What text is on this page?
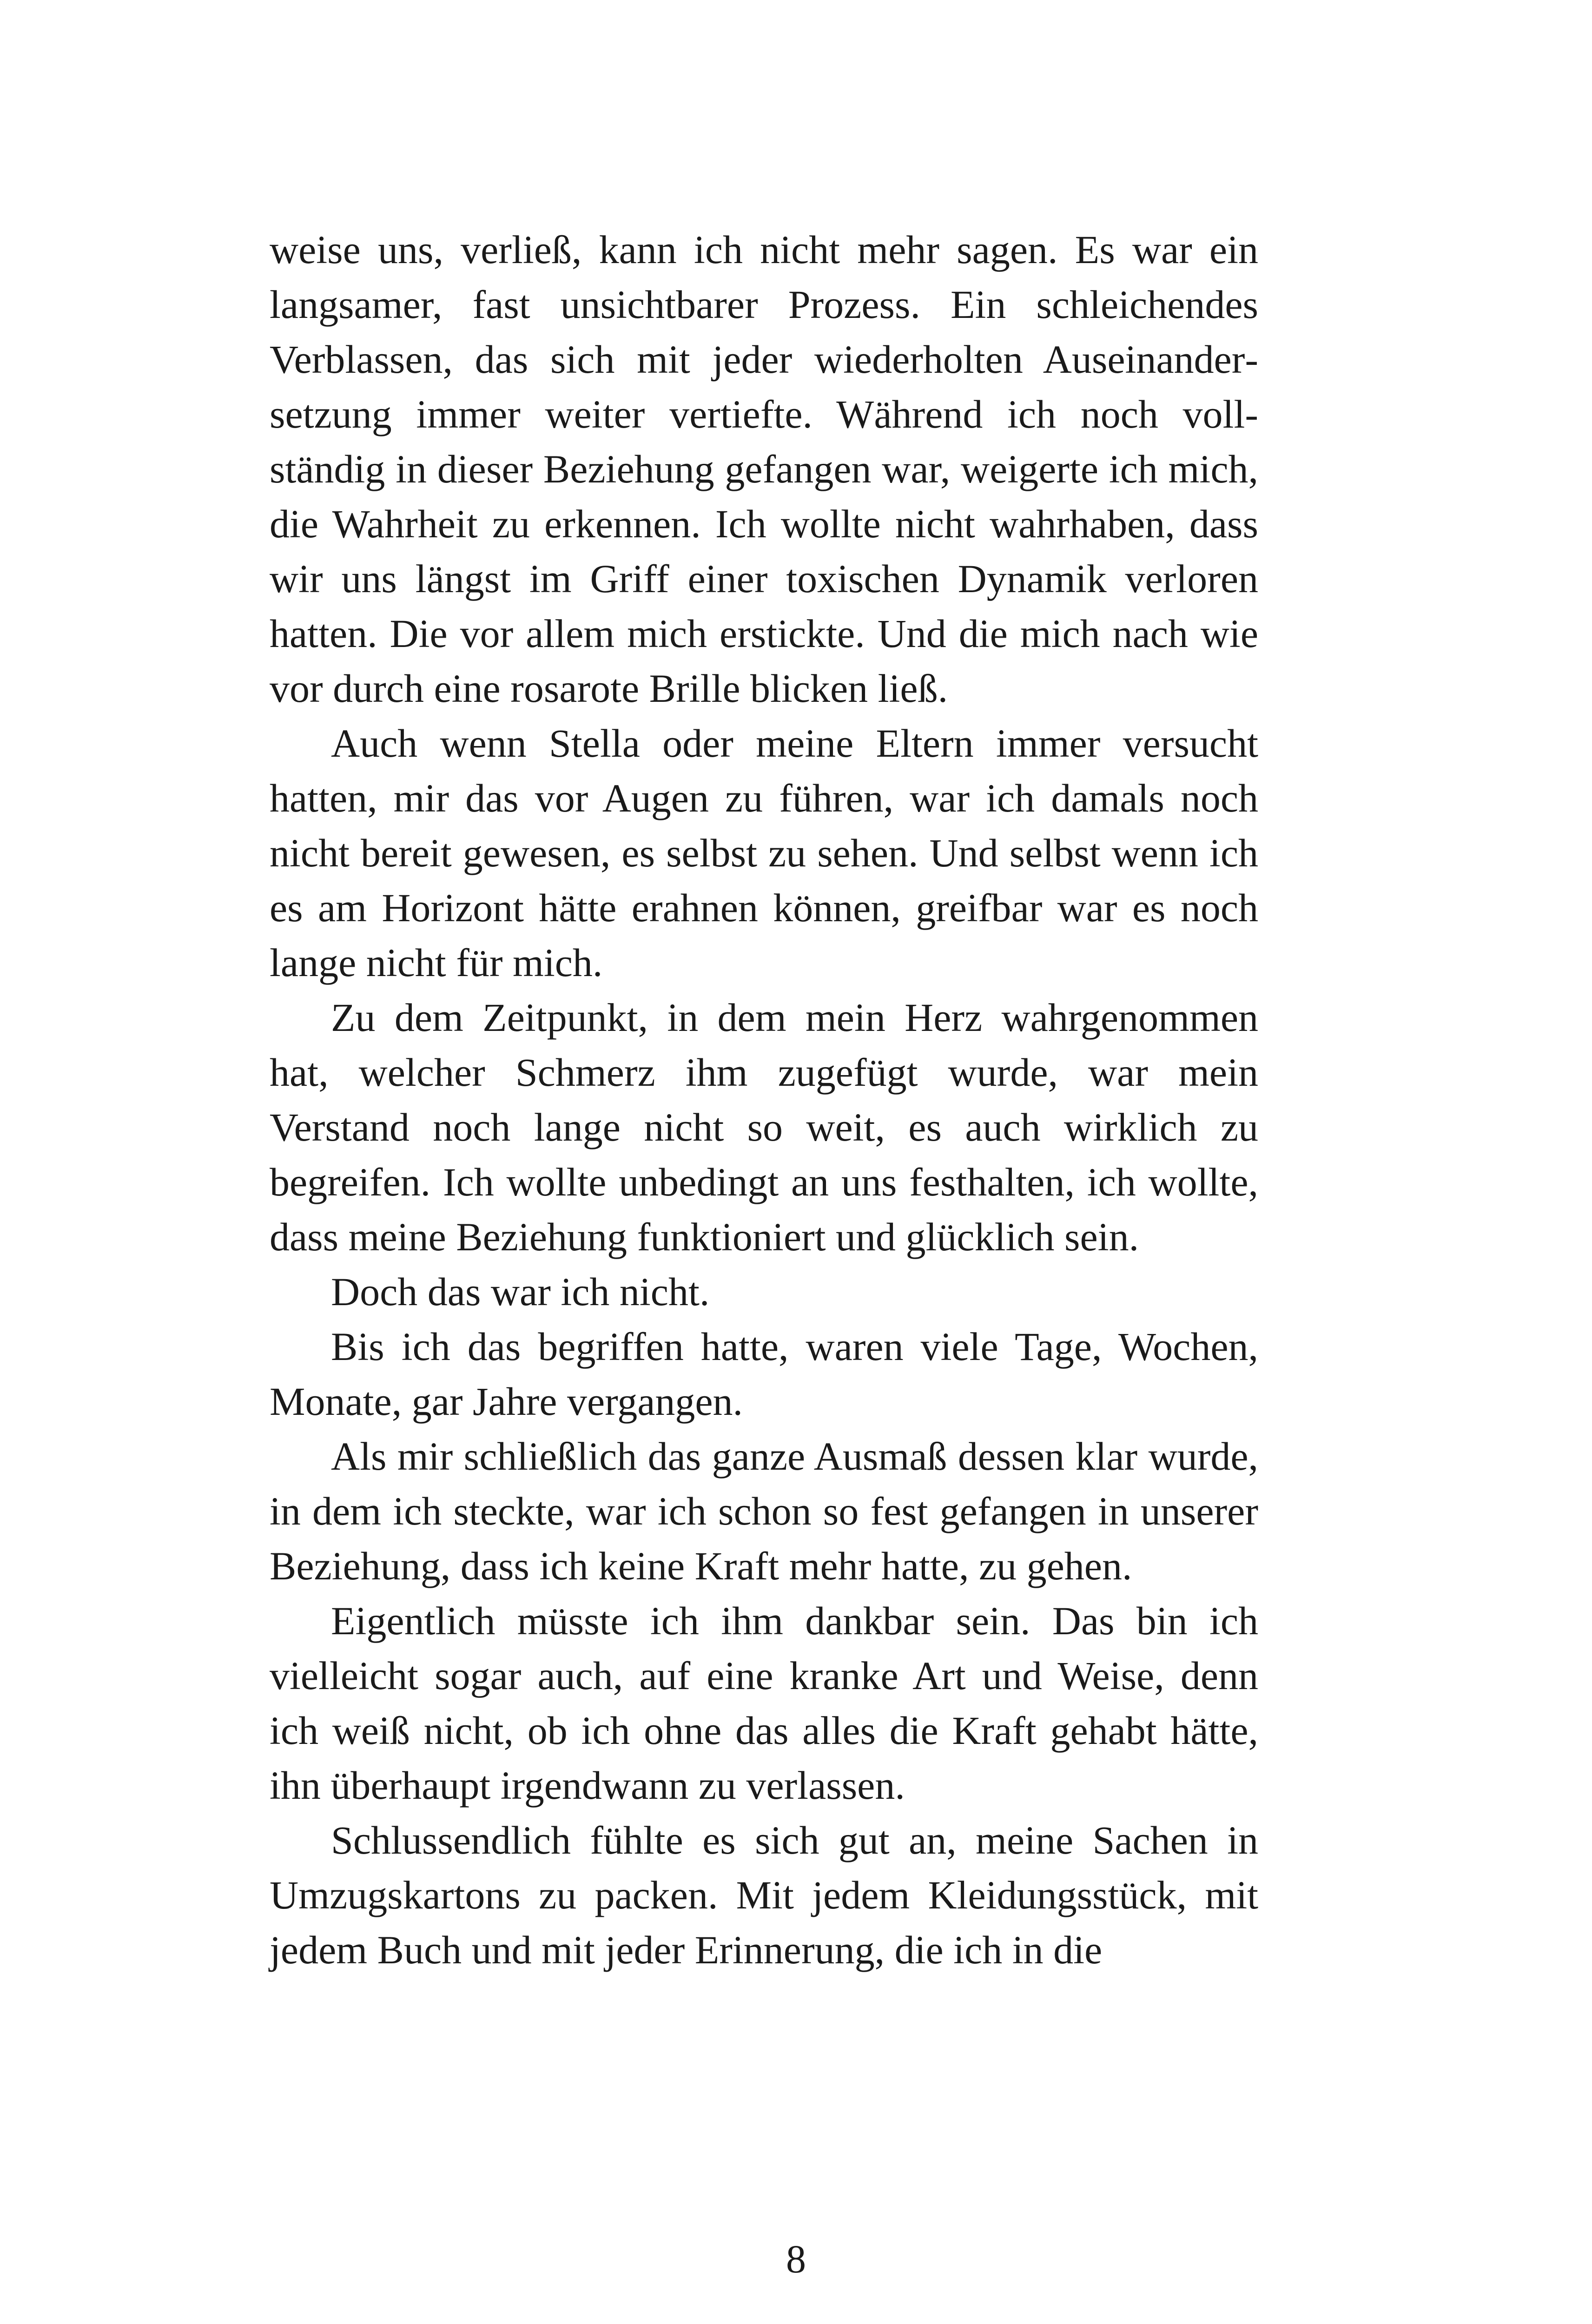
weise uns, verließ, kann ich nicht mehr sagen. Es war ein langsamer, fast unsichtbarer Prozess. Ein schleichendes Verblassen, das sich mit jeder wiederholten Auseinandersetzung immer weiter vertiefte. Während ich noch vollständig in dieser Beziehung gefangen war, weigerte ich mich, die Wahrheit zu erkennen. Ich wollte nicht wahrhaben, dass wir uns längst im Griff einer toxischen Dynamik verloren hatten. Die vor allem mich erstickte. Und die mich nach wie vor durch eine rosarote Brille blicken ließ.

Auch wenn Stella oder meine Eltern immer versucht hatten, mir das vor Augen zu führen, war ich damals noch nicht bereit gewesen, es selbst zu sehen. Und selbst wenn ich es am Horizont hätte erahnen können, greifbar war es noch lange nicht für mich.

Zu dem Zeitpunkt, in dem mein Herz wahrgenommen hat, welcher Schmerz ihm zugefügt wurde, war mein Verstand noch lange nicht so weit, es auch wirklich zu begreifen. Ich wollte unbedingt an uns festhalten, ich wollte, dass meine Beziehung funktioniert und glücklich sein.

Doch das war ich nicht.

Bis ich das begriffen hatte, waren viele Tage, Wochen, Monate, gar Jahre vergangen.

Als mir schließlich das ganze Ausmaß dessen klar wurde, in dem ich steckte, war ich schon so fest gefangen in unserer Beziehung, dass ich keine Kraft mehr hatte, zu gehen.

Eigentlich müsste ich ihm dankbar sein. Das bin ich vielleicht sogar auch, auf eine kranke Art und Weise, denn ich weiß nicht, ob ich ohne das alles die Kraft gehabt hätte, ihn überhaupt irgendwann zu verlassen.

Schlussendlich fühlte es sich gut an, meine Sachen in Umzugskartons zu packen. Mit jedem Kleidungsstück, mit jedem Buch und mit jeder Erinnerung, die ich in die

8
